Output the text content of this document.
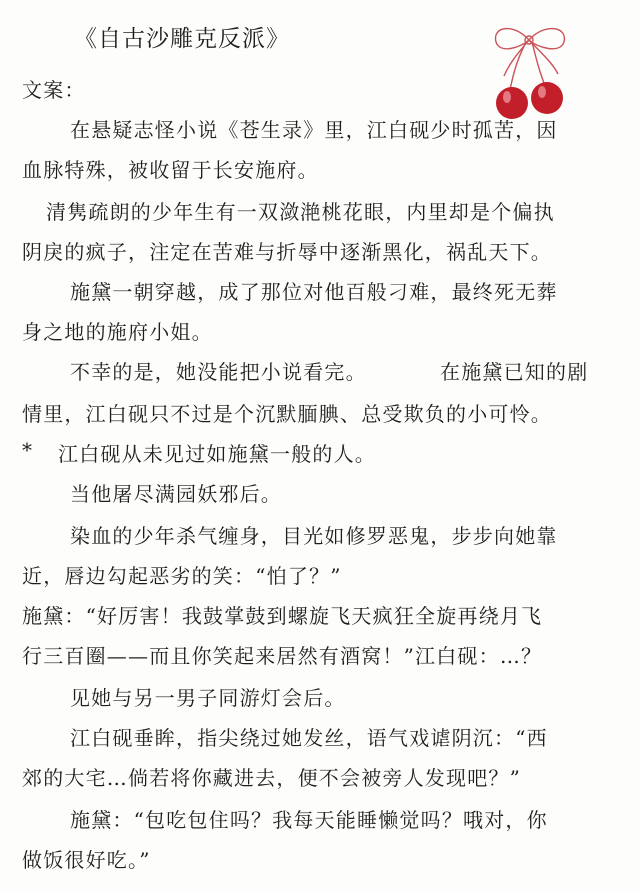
《自古沙雕克反派》
文案：
在悬疑志怪小说《苍生录》里，江白砚少时孤苦，因
血脉特殊，被收留于长安施府。
清隽疏朗的少年生有一双潋滟桃花眼，内里却是个偏执
阴戾的疯子，注定在苦难与折辱中逐渐黑化，祸乱天下。
施黛一朝穿越，成了那位对他百般刁难，最终死无葬
身之地的施府小姐。
不幸的是，她没能把小说看完。	在施黛已知的剧
情里，江白砚只不过是个沉默腼腆、总受欺负的小可怜。
* 江白砚从未见过如施黛一般的人。
当他屠尽满园妖邪后。
染血的少年杀气缠身，目光如修罗恶鬼，步步向她靠
近，唇边勾起恶劣的笑：“怕了？”
施黛：“好厉害！我鼓掌鼓到螺旋飞天疯狂全旋再绕月飞
行三百圈——而且你笑起来居然有酒窝！”江白砚：…？
见她与另一男子同游灯会后。
江白砚垂眸，指尖绕过她发丝，语气戏谑阴沉：“西
郊的大宅…倘若将你藏进去，便不会被旁人发现吧？”
施黛：“包吃包住吗？我每天能睡懒觉吗？哦对，你
做饭很好吃。”
